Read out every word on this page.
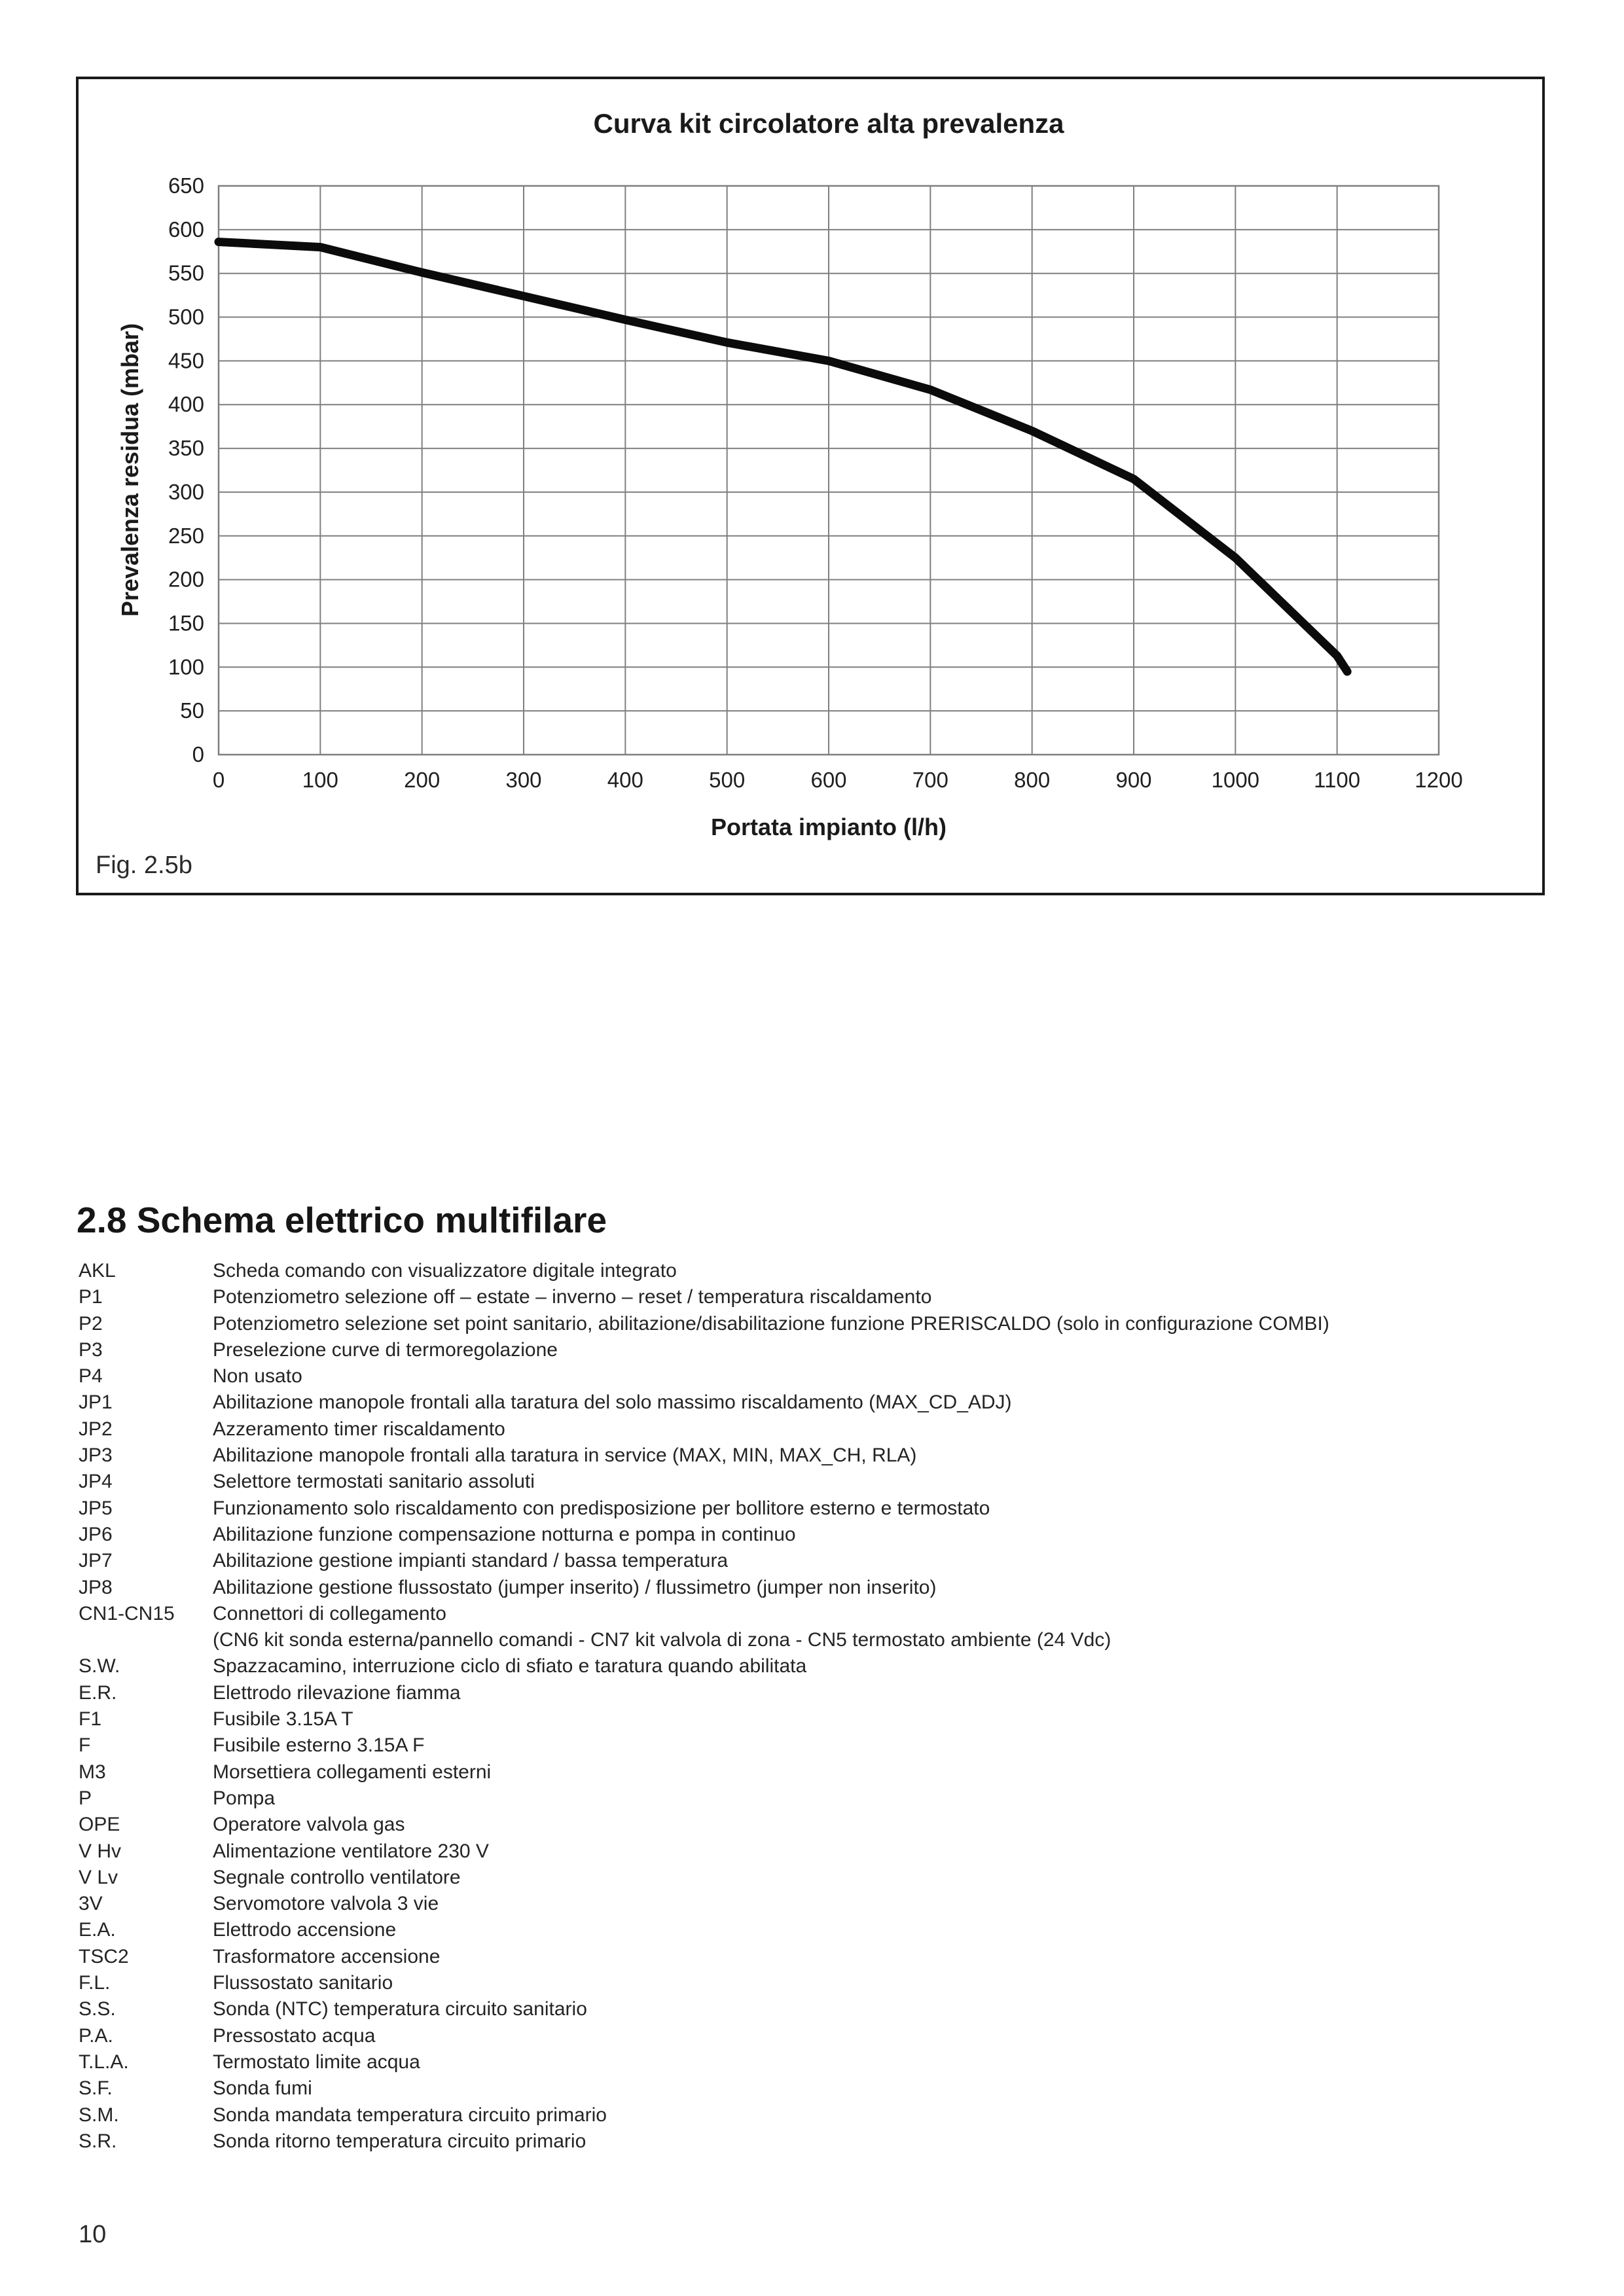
Curva kit circolatore alta prevalenza
0
50
100
150
200
250
300
350
400
450
500
550
600
650
0	100	200	300	400	500	600	700	800	900	1000	1100	1200
Prevalenza residua (mbar)
Portata impianto (l/h)
Fig. 2.5b
2.8 Schema elettrico multifilare
AKL	Scheda comando con visualizzatore digitale integrato
P1	Potenziometro selezione off – estate – inverno – reset / temperatura riscaldamento
P2	Potenziometro selezione set point sanitario, abilitazione/disabilitazione funzione PRERISCALDO (solo in configurazione COMBI)
P3	Preselezione curve di termoregolazione
P4	Non usato
JP1	Abilitazione manopole frontali alla taratura del solo massimo riscaldamento (MAX_CD_ADJ)
JP2	Azzeramento timer riscaldamento
JP3	Abilitazione manopole frontali alla taratura in service (MAX, MIN, MAX_CH, RLA)
JP4	Selettore termostati sanitario assoluti
JP5	Funzionamento solo riscaldamento con predisposizione per bollitore esterno e termostato
JP6	Abilitazione funzione compensazione notturna e pompa in continuo
JP7	Abilitazione gestione impianti standard / bassa temperatura
JP8	Abilitazione gestione flussostato (jumper inserito) / flussimetro (jumper non inserito)
CN1-CN15	Connettori di collegamento
(CN6 kit sonda esterna/pannello comandi - CN7 kit valvola di zona - CN5 termostato ambiente (24 Vdc)
S.W.	Spazzacamino, interruzione ciclo di sfiato e taratura quando abilitata
E.R.	Elettrodo rilevazione fiamma
F1	Fusibile 3.15A T
F	Fusibile esterno 3.15A F
M3	Morsettiera collegamenti esterni
P	Pompa
OPE	Operatore valvola gas
V Hv	Alimentazione ventilatore 230 V
V Lv	Segnale controllo ventilatore
3V	Servomotore valvola 3 vie
E.A.	Elettrodo accensione
TSC2	Trasformatore accensione
F.L.	Flussostato sanitario
S.S.	Sonda (NTC) temperatura circuito sanitario
P.A.	Pressostato acqua
T.L.A.	Termostato limite acqua
S.F.	Sonda fumi
S.M.	Sonda mandata temperatura circuito primario
S.R.	Sonda ritorno temperatura circuito primario
10
